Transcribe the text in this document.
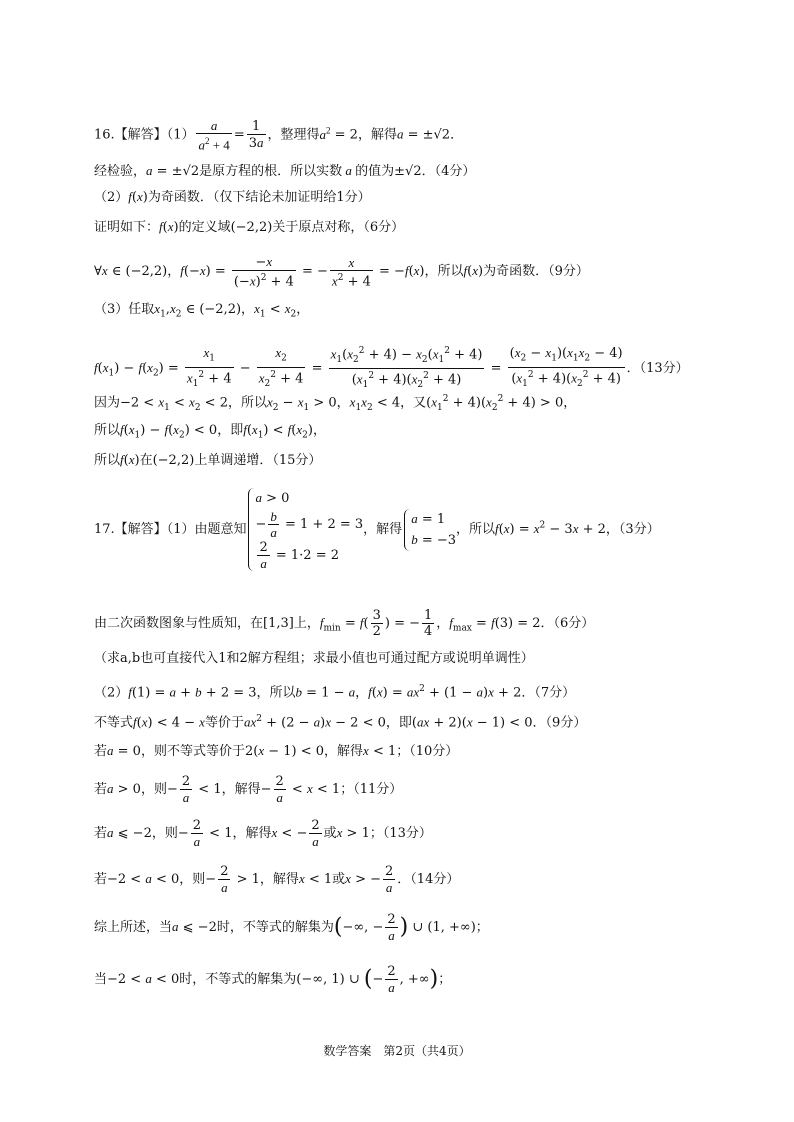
16.【解答】$(1) \frac{a}{a^2 + 4} = \frac{1}{3a}$ ，整理得$a^2 = 2$，解得a = ±√2．
经检验，a = ±√2是原方程的根．所以实数 a 的值为±√2．（4分）
（2）f(x)为奇函数．（仅下结论未加证明给1分）
证明如下：f(x)的定义域(−2,2)关于原点对称，（6分）
∀x ∈ (−2,2)，$f(-x) = \frac{-x}{(-x)^2 + 4}$ = − $\frac{x}{x^2 + 4} = -f(x)$，所以f(x)为奇函数．（9分）
（3）任取$x_1,x_2$ ∈ (−2,2)，$x_1 < x_2$，
$f(x_1) - f(x_2) = \frac{x_1}{x_1^2 + 4} - \frac{x_2}{x_2^2 + 4} = \frac{x_1(x_2^2 + 4) - x_2(x_1^2 + 4)}{(x_1^2 + 4)(x_2^2 + 4)} = \frac{(x_2 - x_1)(x_1x_2 - 4)}{(x_1^2 + 4)(x_2^2 + 4)}$ ．（13分）
因为$-2 < x_1 < x_2 < 2$，所以$x_2 - x_1 > 0$，$x_1x_2 < 4$，又$(x_1^2 + 4)(x_2^2 + 4) > 0$，
所以$f(x_1) - f(x_2) < 0$，即$f(x_1) < f(x_2)$，
所以f(x)在(−2,2)上单调递增．（15分）
17.【解答】（1）由题意知
a > 0
− $\frac{b}{a} = 1 + 2 = 3$
$\frac{2}{a} = 1\cdot 2 = 2$
，解得
a = 1
b = −3
，所以$f(x) = x^2 - 3x + 2$，（3分）
由二次函数图象与性质知，在[1,3]上，$f_{min} = f( \frac{3}{2}$ ) = − $\frac{1}{4}$ ，$f_{max} = f(3) = 2$．（6分）
（求a,b也可直接代入1和2解方程组；求最小值也可通过配方或说明单调性）
（2）f(1) = a + b + 2 = 3，所以b = 1 − a，$f(x) = ax^2 + (1 - a)x + 2$．（7分）
不等式f(x) < 4 − x等价于$ax^2 + (2 - a)x - 2 < 0$，即(ax + 2)(x − 1) < 0．（9分）
若a = 0，则不等式等价于2(x − 1) < 0，解得x < 1；（10分）
若a > 0，则− $\frac{2}{a} < 1$，解得− $\frac{2}{a} < x < 1$；（11分）
若a ⩽ −2，则− $\frac{2}{a} < 1$，解得x < − $\frac{2}{a}$ 或x > 1；（13分）
若−2 < a < 0，则− $\frac{2}{a} > 1$，解得x < 1或x > − $\frac{2}{a}$ ．（14分）
综上所述，当a ⩽ −2时，不等式的解集为(−∞, − $\frac{2}{a}$ ) ∪ (1, +∞)；
当−2 < a < 0时，不等式的解集为(−∞, 1) ∪ (− $\frac{2}{a}$ , +∞)；
数学答案　第2页（共4页）
